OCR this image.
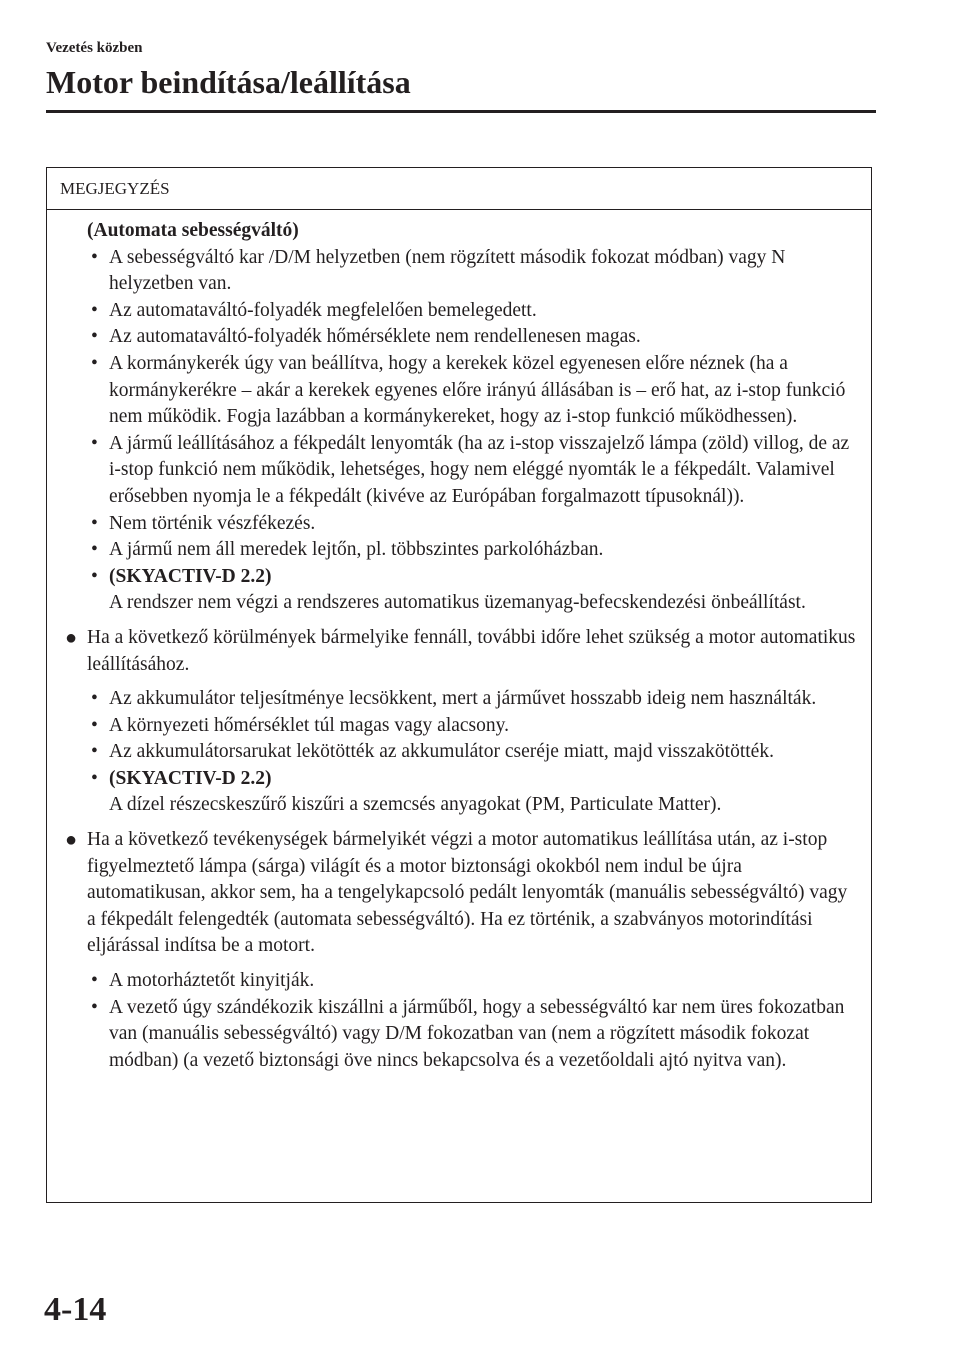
Vezetés közben
Motor beindítása/leállítása
MEGJEGYZÉS

(Automata sebességváltó)

• A sebességváltó kar /D/M helyzetben (nem rögzített második fokozat módban) vagy N helyzetben van.
• Az automataváltó-folyadék megfelelően bemelegedett.
• Az automataváltó-folyadék hőmérséklete nem rendellenesen magas.
• A kormánykerék úgy van beállítva, hogy a kerekek közel egyenesen előre néznek (ha a kormánykerékre – akár a kerekek egyenes előre irányú állásában is – erő hat, az i-stop funkció nem működik. Fogja lazábban a kormánykereket, hogy az i-stop funkció működhessen).
• A jármű leállításához a fékpedált lenyomták (ha az i-stop visszajelző lámpa (zöld) villog, de az i-stop funkció nem működik, lehetséges, hogy nem eléggé nyomták le a fékpedált. Valamivel erősebben nyomja le a fékpedált (kivéve az Európában forgalmazott típusoknál)).
• Nem történik vészfékezés.
• A jármű nem áll meredek lejtőn, pl. többszintes parkolóházban.
• (SKYACTIV-D 2.2)
A rendszer nem végzi a rendszeres automatikus üzemanyag-befecskendezési önbeállítást.
● Ha a következő körülmények bármelyike fennáll, további időre lehet szükség a motor automatikus leállításához.

• Az akkumulátor teljesítménye lecsökkent, mert a járművet hosszabb ideig nem használták.
• A környezeti hőmérséklet túl magas vagy alacsony.
• Az akkumulátorsarukat lekötötték az akkumulátor cseréje miatt, majd visszakötötték.
• (SKYACTIV-D 2.2)
A dízel részecskeszűrő kiszűri a szemcsés anyagokat (PM, Particulate Matter).
● Ha a következő tevékenységek bármelyikét végzi a motor automatikus leállítása után, az i-stop figyelmeztető lámpa (sárga) világít és a motor biztonsági okokból nem indul be újra automatikusan, akkor sem, ha a tengelykapcsoló pedált lenyomták (manuális sebességváltó) vagy a fékpedált felengedték (automata sebességváltó). Ha ez történik, a szabványos motorindítási eljárással indítsa be a motort.

• A motorháztetőt kinyitják.
• A vezető úgy szándékozik kiszállni a járműből, hogy a sebességváltó kar nem üres fokozatban van (manuális sebességváltó) vagy D/M fokozatban van (nem a rögzített második fokozat módban) (a vezető biztonsági öve nincs bekapcsolva és a vezetőoldali ajtó nyitva van).
4-14
